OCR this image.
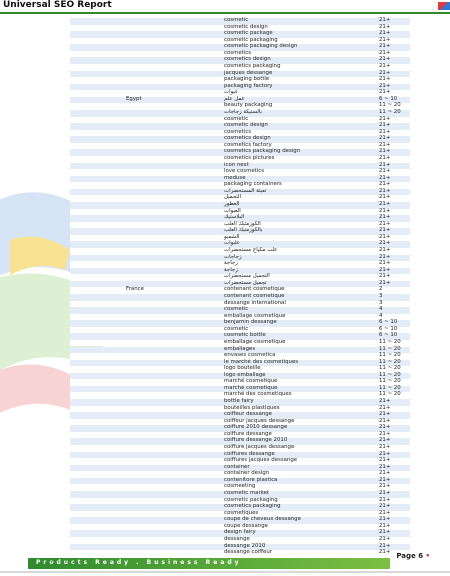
Universal SEO Report
cosmetic	21+
cosmetic design	21+
cosmetic package	21+
cosmetic packaging	21+
cosmetic packaging design	21+
cosmetics	21+
cosmetics design	21+
cosmetics packaging	21+
jacques dessange	21+
packaging bottle	21+
packaging factory	21+
عبوات	21+
Egypt	عمل علم	6 ~ 10
beauty packaging	11 ~ 20
بالستيكة زجاجات	11 ~ 20
cosmetic	21+
cosmetic design	21+
cosmetics	21+
cosmetics design	21+
cosmetics factory	21+
cosmetics packaging design	21+
cosmetics pictures	21+
icon next	21+
love cosmetics	21+
meduse	21+
packaging containers	21+
تعبئة المستحضرات	21+
التجميل	21+
العطور	21+
العبوات	21+
البلاستيك	21+
الكوزمتيك العلب	21+
بالكوزمتيك العلب	21+
الشمبو	21+
علبوات	21+
علب مكياج مستحضرات	21+
زجاجات	21+
زجاجة	21+
زجاجة	21+
التجميل مستحضرات	21+
تجميل مستحضرات	21+
France	contenant cosmetique	2
contenant cosmetique	3
dessange international	3
cosmetic	4
emballage cosmetique	4
benjamin dessange	6 ~ 10
cosmetic	6 ~ 10
cosmetic bottle	6 ~ 10
emballage cosmetique	11 ~ 20
emballages	11 ~ 20
envases cosmetica	11 ~ 20
le marché des cosmetiques	11 ~ 20
logo bouteille	11 ~ 20
logo emballage	11 ~ 20
marché cosmetique	11 ~ 20
marché cosmetique	11 ~ 20
marché des cosmetiques	11 ~ 20
bottle fairy	21+
bouteilles plastiques	21+
coiffeur dessange	21+
coiffeur jacques dessange	21+
coiffure 2010 dessange	21+
coiffure dessange	21+
coiffure dessange 2010	21+
coiffure jacques dessange	21+
coiffures dessange	21+
coiffures jacques dessange	21+
container	21+
container design	21+
contenitore plastica	21+
cosmeeting	21+
cosmetic market	21+
cosmetic packaging	21+
cosmetics packaging	21+
cosmetiques	21+
coupe de cheveux dessange	21+
coupe dessange	21+
design fairy	21+
dessange	21+
dessange 2010	21+
dessange coiffeur	21+ Page 6 •
Products Ready . Business Ready
